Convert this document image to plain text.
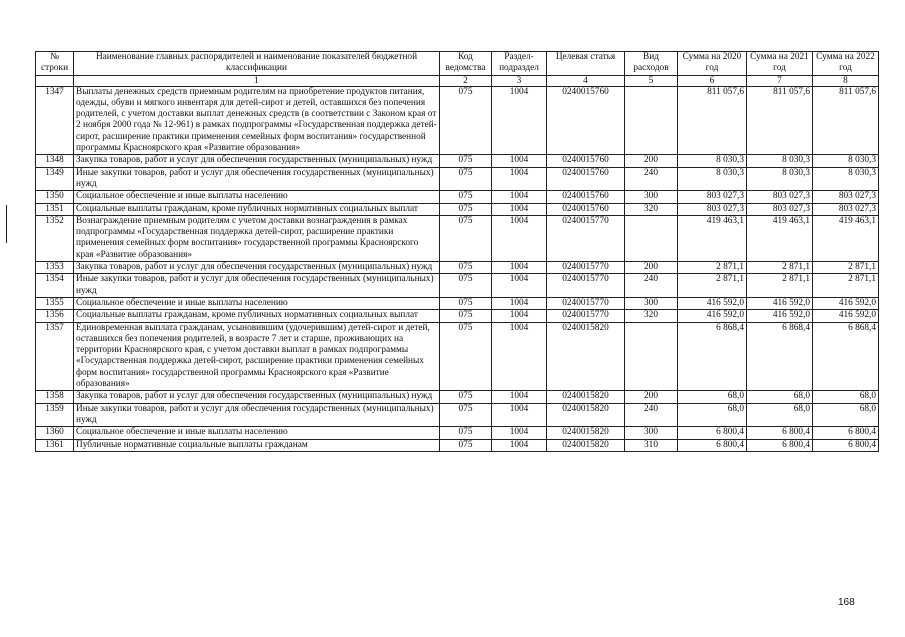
№ строки	Наименование главных распорядителей и наименование показателей бюджетной классификации	Код ведомства	Раздел-подраздел	Целевая статья	Вид расходов	Сумма на 2020 год	Сумма на 2021 год	Сумма на 2022 год
	1	2	3	4	5	6	7	8
1347	Выплаты денежных средств приемным родителям на приобретение продуктов питания, одежды, обуви и мягкого инвентаря для детей-сирот и детей, оставшихся без попечения родителей, с учетом доставки выплат денежных средств (в соответствии с Законом края от 2 ноября 2000 года № 12-961) в рамках подпрограммы «Государственная поддержка детей-сирот, расширение практики применения семейных форм воспитания» государственной программы Красноярского края «Развитие образования»	075	1004	0240015760		811 057,6	811 057,6	811 057,6
1348	Закупка товаров, работ и услуг для обеспечения государственных (муниципальных) нужд	075	1004	0240015760	200	8 030,3	8 030,3	8 030,3
1349	Иные закупки товаров, работ и услуг для обеспечения государственных (муниципальных) нужд	075	1004	0240015760	240	8 030,3	8 030,3	8 030,3
1350	Социальное обеспечение и иные выплаты населению	075	1004	0240015760	300	803 027,3	803 027,3	803 027,3
1351	Социальные выплаты гражданам, кроме публичных нормативных социальных выплат	075	1004	0240015760	320	803 027,3	803 027,3	803 027,3
1352	Вознаграждение приемным родителям с учетом доставки вознаграждения в рамках подпрограммы «Государственная поддержка детей-сирот, расширение практики применения семейных форм воспитания» государственной программы Красноярского края «Развитие образования»	075	1004	0240015770		419 463,1	419 463,1	419 463,1
1353	Закупка товаров, работ и услуг для обеспечения государственных (муниципальных) нужд	075	1004	0240015770	200	2 871,1	2 871,1	2 871,1
1354	Иные закупки товаров, работ и услуг для обеспечения государственных (муниципальных) нужд	075	1004	0240015770	240	2 871,1	2 871,1	2 871,1
1355	Социальное обеспечение и иные выплаты населению	075	1004	0240015770	300	416 592,0	416 592,0	416 592,0
1356	Социальные выплаты гражданам, кроме публичных нормативных социальных выплат	075	1004	0240015770	320	416 592,0	416 592,0	416 592,0
1357	Единовременная выплата гражданам, усыновившим (удочерившим) детей-сирот и детей, оставшихся без попечения родителей, в возрасте 7 лет и старше, проживающих на территории Красноярского края, с учетом доставки выплат в рамках подпрограммы «Государственная поддержка детей-сирот, расширение практики применения семейных форм воспитания» государственной программы Красноярского края «Развитие образования»	075	1004	0240015820		6 868,4	6 868,4	6 868,4
1358	Закупка товаров, работ и услуг для обеспечения государственных (муниципальных) нужд	075	1004	0240015820	200	68,0	68,0	68,0
1359	Иные закупки товаров, работ и услуг для обеспечения государственных (муниципальных) нужд	075	1004	0240015820	240	68,0	68,0	68,0
1360	Социальное обеспечение и иные выплаты населению	075	1004	0240015820	300	6 800,4	6 800,4	6 800,4
1361	Публичные нормативные социальные выплаты гражданам	075	1004	0240015820	310	6 800,4	6 800,4	6 800,4
168
